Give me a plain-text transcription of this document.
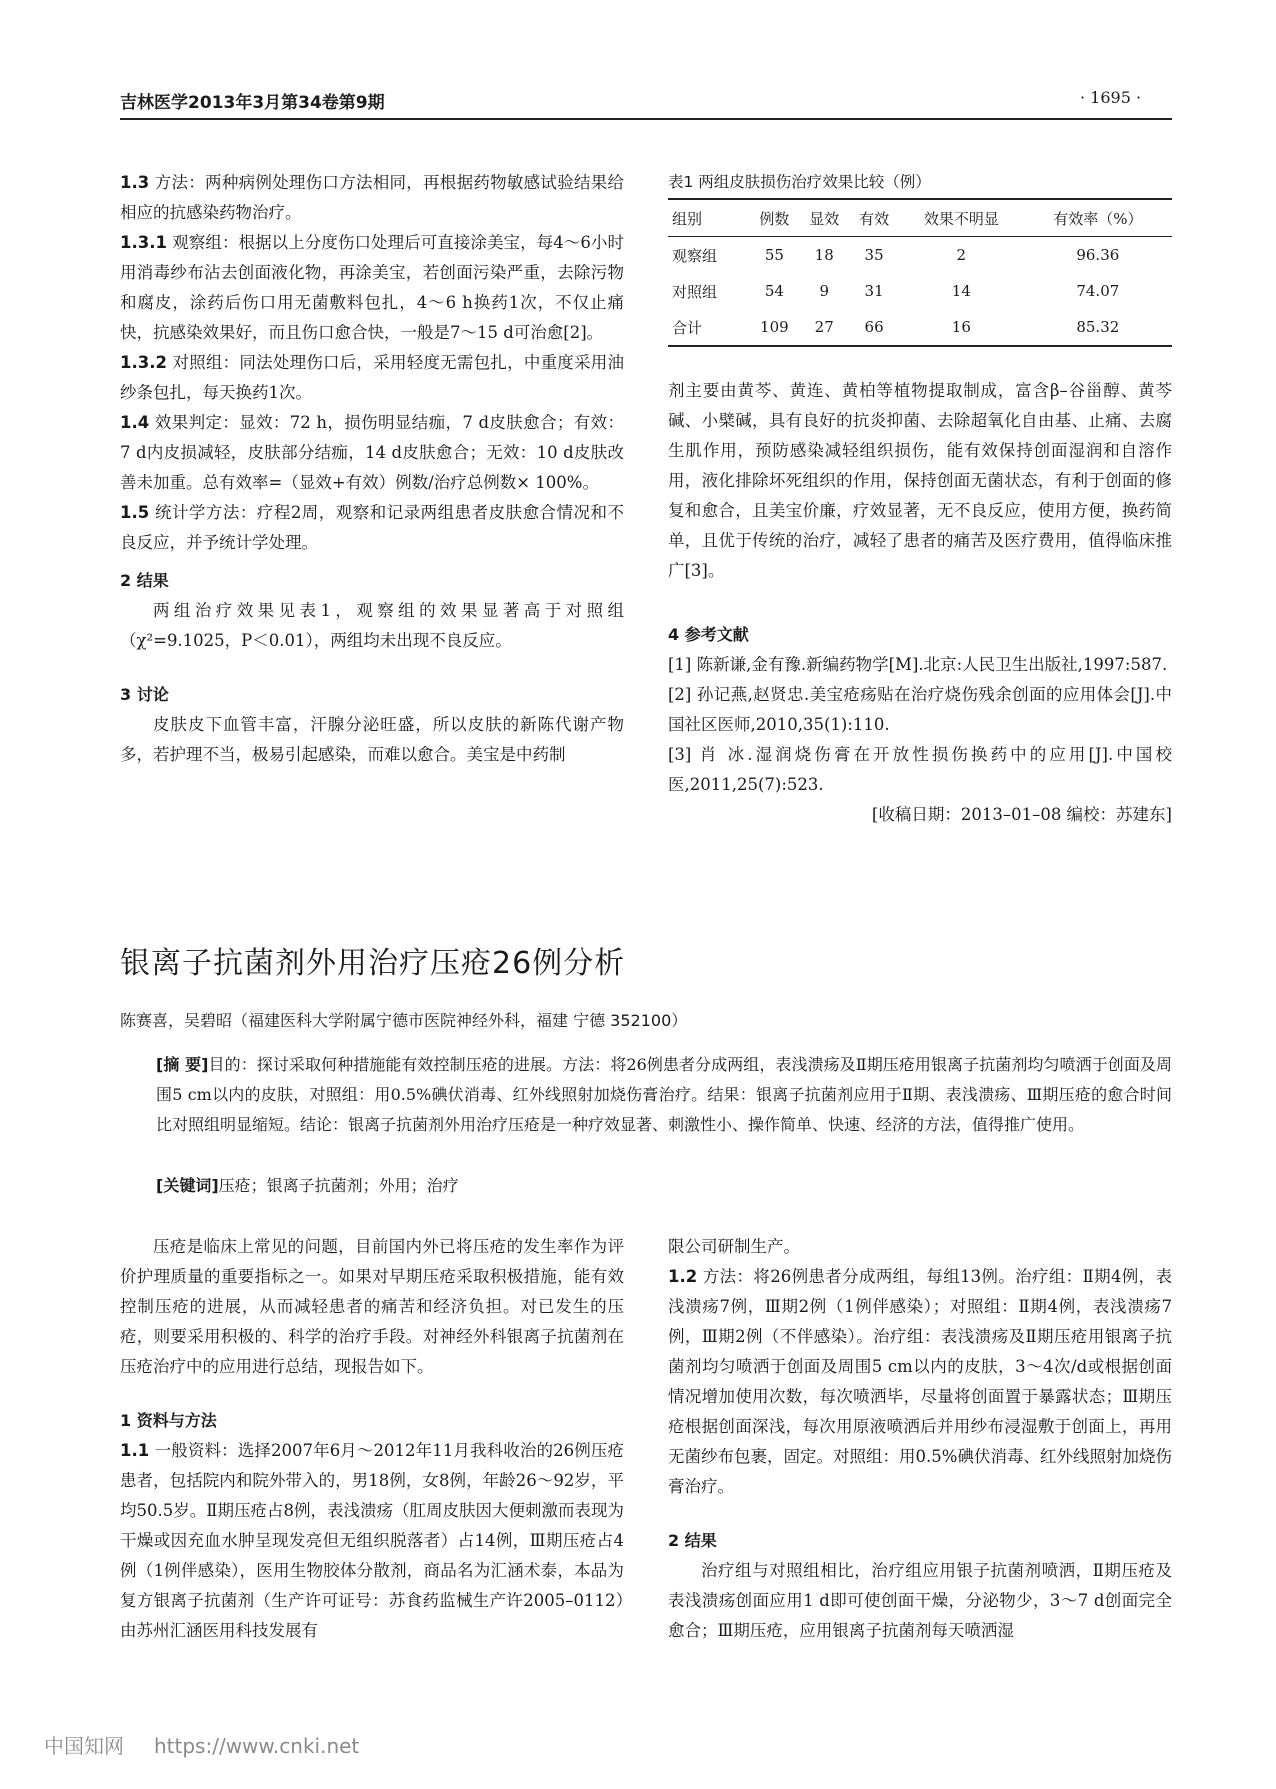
吉林医学2013年3月第34卷第9期	· 1695 ·

1.3 方法：两种病例处理伤口方法相同，再根据药物敏感试验结果给相应的抗感染药物治疗。

1.3.1 观察组：根据以上分度伤口处理后可直接涂美宝，每4～6小时用消毒纱布沾去创面液化物，再涂美宝，若创面污染严重，去除污物和腐皮，涂药后伤口用无菌敷料包扎，4～6 h换药1次，不仅止痛快，抗感染效果好，而且伤口愈合快，一般是7～15 d可治愈[2]。

1.3.2 对照组：同法处理伤口后，采用轻度无需包扎，中重度采用油纱条包扎，每天换药1次。

1.4 效果判定：显效：72 h，损伤明显结痂，7 d皮肤愈合；有效：7 d内皮损减轻，皮肤部分结痂，14 d皮肤愈合；无效：10 d皮肤改善未加重。总有效率=（显效+有效）例数/治疗总例数× 100%。

1.5 统计学方法：疗程2周，观察和记录两组患者皮肤愈合情况和不良反应，并予统计学处理。

2 结果

两组治疗效果见表1，观察组的效果显著高于对照组（χ²=9.1025，P＜0.01），两组均未出现不良反应。

3 讨论

皮肤皮下血管丰富，汗腺分泌旺盛，所以皮肤的新陈代谢产物多，若护理不当，极易引起感染，而难以愈合。美宝是中药制

表1 两组皮肤损伤治疗效果比较（例）
组别	例数	显效	有效	效果不明显	有效率（%）
观察组	55	18	35	2	96.36
对照组	54	9	31	14	74.07
合计	109	27	66	16	85.32

剂主要由黄芩、黄连、黄柏等植物提取制成，富含β–谷甾醇、黄芩碱、小檗碱，具有良好的抗炎抑菌、去除超氧化自由基、止痛、去腐生肌作用，预防感染减轻组织损伤，能有效保持创面湿润和自溶作用，液化排除坏死组织的作用，保持创面无菌状态，有利于创面的修复和愈合，且美宝价廉，疗效显著，无不良反应，使用方便，换药简单，且优于传统的治疗，减轻了患者的痛苦及医疗费用，值得临床推广[3]。

4 参考文献

[1] 陈新谦,金有豫.新编药物学[M].北京:人民卫生出版社,1997:587.

[2] 孙记燕,赵贤忠.美宝疮疡贴在治疗烧伤残余创面的应用体会[J].中国社区医师,2010,35(1):110.

[3] 肖 冰.湿润烧伤膏在开放性损伤换药中的应用[J].中国校医,2011,25(7):523.

[收稿日期：2013–01–08 编校：苏建东]

银离子抗菌剂外用治疗压疮26例分析
陈赛喜，吴碧昭（福建医科大学附属宁德市医院神经外科，福建 宁德 352100）

[摘 要]目的：探讨采取何种措施能有效控制压疮的进展。方法：将26例患者分成两组，表浅溃疡及Ⅱ期压疮用银离子抗菌剂均匀喷洒于创面及周围5 cm以内的皮肤，对照组：用0.5%碘伏消毒、红外线照射加烧伤膏治疗。结果：银离子抗菌剂应用于Ⅱ期、表浅溃疡、Ⅲ期压疮的愈合时间比对照组明显缩短。结论：银离子抗菌剂外用治疗压疮是一种疗效显著、刺激性小、操作简单、快速、经济的方法，值得推广使用。

[关键词]压疮；银离子抗菌剂；外用；治疗

压疮是临床上常见的问题，目前国内外已将压疮的发生率作为评价护理质量的重要指标之一。如果对早期压疮采取积极措施，能有效控制压疮的进展，从而减轻患者的痛苦和经济负担。对已发生的压疮，则要采用积极的、科学的治疗手段。对神经外科银离子抗菌剂在压疮治疗中的应用进行总结，现报告如下。

1 资料与方法

1.1 一般资料：选择2007年6月～2012年11月我科收治的26例压疮患者，包括院内和院外带入的，男18例，女8例，年龄26～92岁，平均50.5岁。Ⅱ期压疮占8例，表浅溃疡（肛周皮肤因大便刺激而表现为干燥或因充血水肿呈现发亮但无组织脱落者）占14例，Ⅲ期压疮占4例（1例伴感染），医用生物胶体分散剂，商品名为汇涵术泰，本品为复方银离子抗菌剂（生产许可证号：苏食药监械生产许2005–0112）由苏州汇涵医用科技发展有

限公司研制生产。

1.2 方法：将26例患者分成两组，每组13例。治疗组：Ⅱ期4例，表浅溃疡7例，Ⅲ期2例（1例伴感染）；对照组：Ⅱ期4例，表浅溃疡7例，Ⅲ期2例（不伴感染）。治疗组：表浅溃疡及Ⅱ期压疮用银离子抗菌剂均匀喷洒于创面及周围5 cm以内的皮肤，3～4次/d或根据创面情况增加使用次数，每次喷洒毕，尽量将创面置于暴露状态；Ⅲ期压疮根据创面深浅，每次用原液喷洒后并用纱布浸湿敷于创面上，再用无菌纱布包裹，固定。对照组：用0.5%碘伏消毒、红外线照射加烧伤膏治疗。

2 结果

治疗组与对照组相比，治疗组应用银子抗菌剂喷洒，Ⅱ期压疮及表浅溃疡创面应用1 d即可使创面干燥，分泌物少，3～7 d创面完全愈合；Ⅲ期压疮，应用银离子抗菌剂每天喷洒湿

中国知网 https://www.cnki.net
